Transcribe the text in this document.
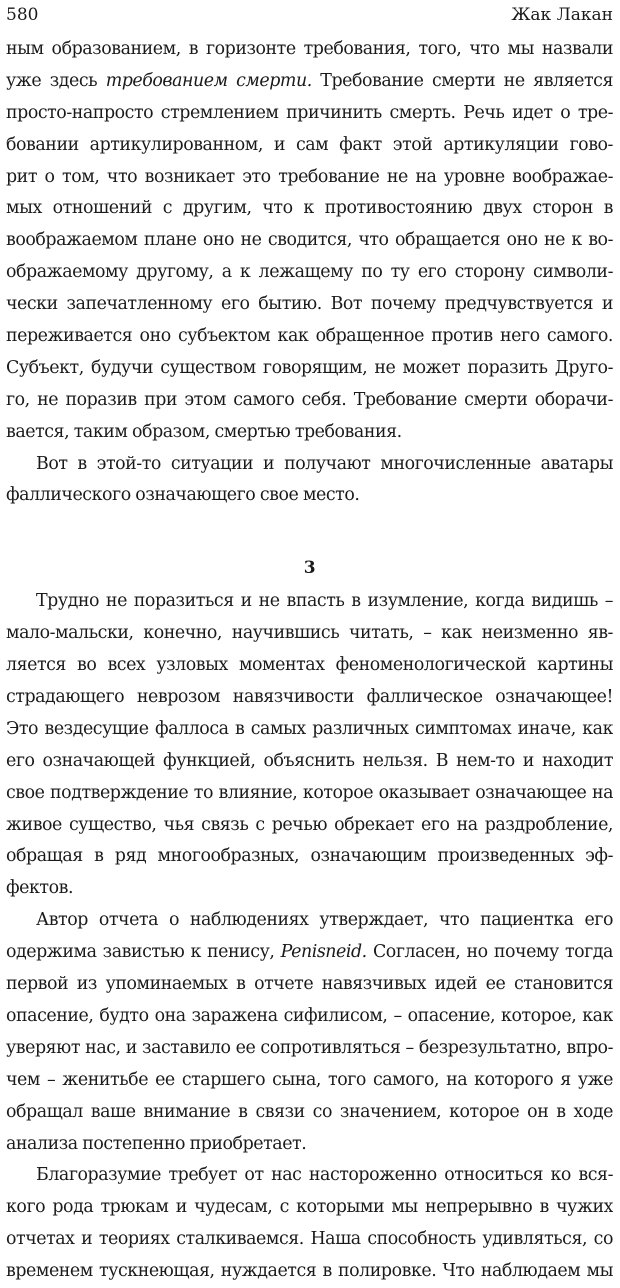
580	Жак Лакан
ным образованием, в горизонте требования, того, что мы назвали
уже здесь требованием смерти. Требование смерти не является
просто-напросто стремлением причинить смерть. Речь идет о тре-
бовании артикулированном, и сам факт этой артикуляции гово-
рит о том, что возникает это требование не на уровне воображае-
мых отношений с другим, что к противостоянию двух сторон в
воображаемом плане оно не сводится, что обращается оно не к во-
ображаемому другому, а к лежащему по ту его сторону символи-
чески запечатленному его бытию. Вот почему предчувствуется и
переживается оно субъектом как обращенное против него самого.
Субъект, будучи существом говорящим, не может поразить Друго-
го, не поразив при этом самого себя. Требование смерти оборачи-
вается, таким образом, смертью требования.
Вот в этой-то ситуации и получают многочисленные аватары
фаллического означающего свое место.
3
Трудно не поразиться и не впасть в изумление, когда видишь –
мало-мальски, конечно, научившись читать, – как неизменно яв-
ляется во всех узловых моментах феноменологической картины
страдающего неврозом навязчивости фаллическое означающее!
Это вездесущие фаллоса в самых различных симптомах иначе, как
его означающей функцией, объяснить нельзя. В нем-то и находит
свое подтверждение то влияние, которое оказывает означающее на
живое существо, чья связь с речью обрекает его на раздробление,
обращая в ряд многообразных, означающим произведенных эф-
фектов.
Автор отчета о наблюдениях утверждает, что пациентка его
одержима завистью к пенису, Penisneid. Согласен, но почему тогда
первой из упоминаемых в отчете навязчивых идей ее становится
опасение, будто она заражена сифилисом, – опасение, которое, как
уверяют нас, и заставило ее сопротивляться – безрезультатно, впро-
чем – женитьбе ее старшего сына, того самого, на которого я уже
обращал ваше внимание в связи со значением, которое он в ходе
анализа постепенно приобретает.
Благоразумие требует от нас настороженно относиться ко вся-
кого рода трюкам и чудесам, с которыми мы непрерывно в чужих
отчетах и теориях сталкиваемся. Наша способность удивляться, со
временем тускнеющая, нуждается в полировке. Что наблюдаем мы
